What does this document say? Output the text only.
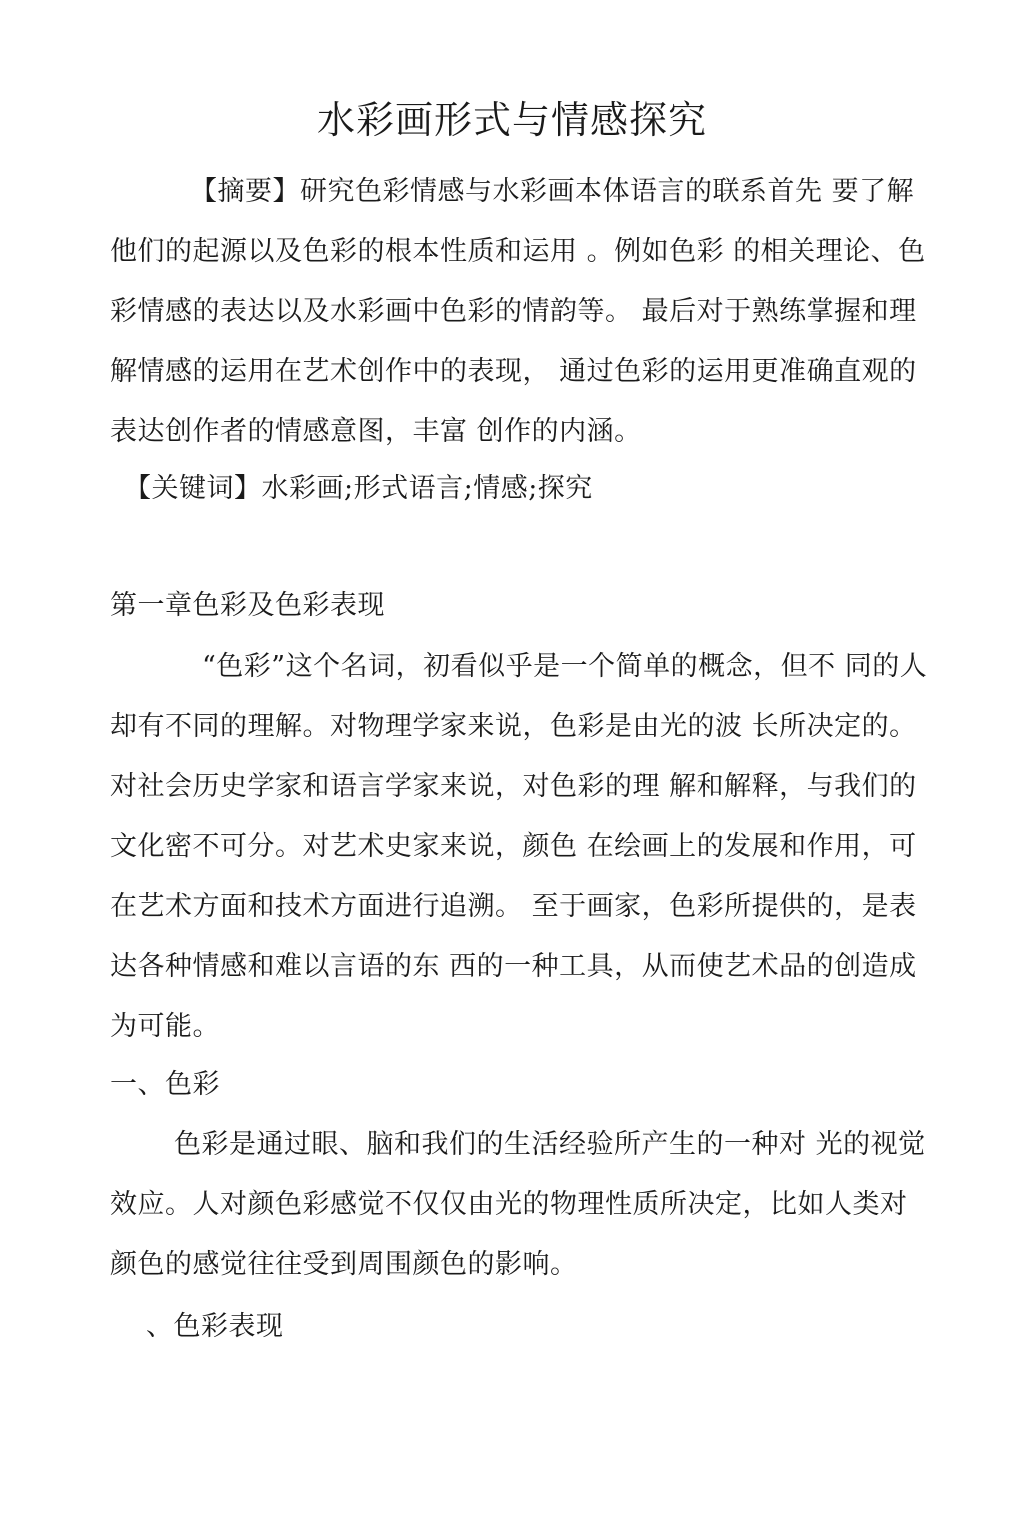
水彩画形式与情感探究

【摘要】研究色彩情感与水彩画本体语言的联系首先 要了解他们的起源以及色彩的根本性质和运用 。例如色彩 的相关理论、色彩情感的表达以及水彩画中色彩的情韵等。 最后对于熟练掌握和理解情感的运用在艺术创作中的表现， 通过色彩的运用更准确直观的表达创作者的情感意图，丰富 创作的内涵。

【关键词】水彩画;形式语言;情感;探究

第一章色彩及色彩表现

“色彩”这个名词，初看似乎是一个简单的概念，但不 同的人却有不同的理解。对物理学家来说，色彩是由光的波 长所决定的。对社会历史学家和语言学家来说，对色彩的理 解和解释，与我们的文化密不可分。对艺术史家来说，颜色 在绘画上的发展和作用，可在艺术方面和技术方面进行追溯。 至于画家，色彩所提供的，是表达各种情感和难以言语的东 西的一种工具，从而使艺术品的创造成为可能。

一、色彩

色彩是通过眼、脑和我们的生活经验所产生的一种对 光的视觉效应。人对颜色彩感觉不仅仅由光的物理性质所决定，比如人类对颜色的感觉往往受到周围颜色的影响。

、色彩表现
